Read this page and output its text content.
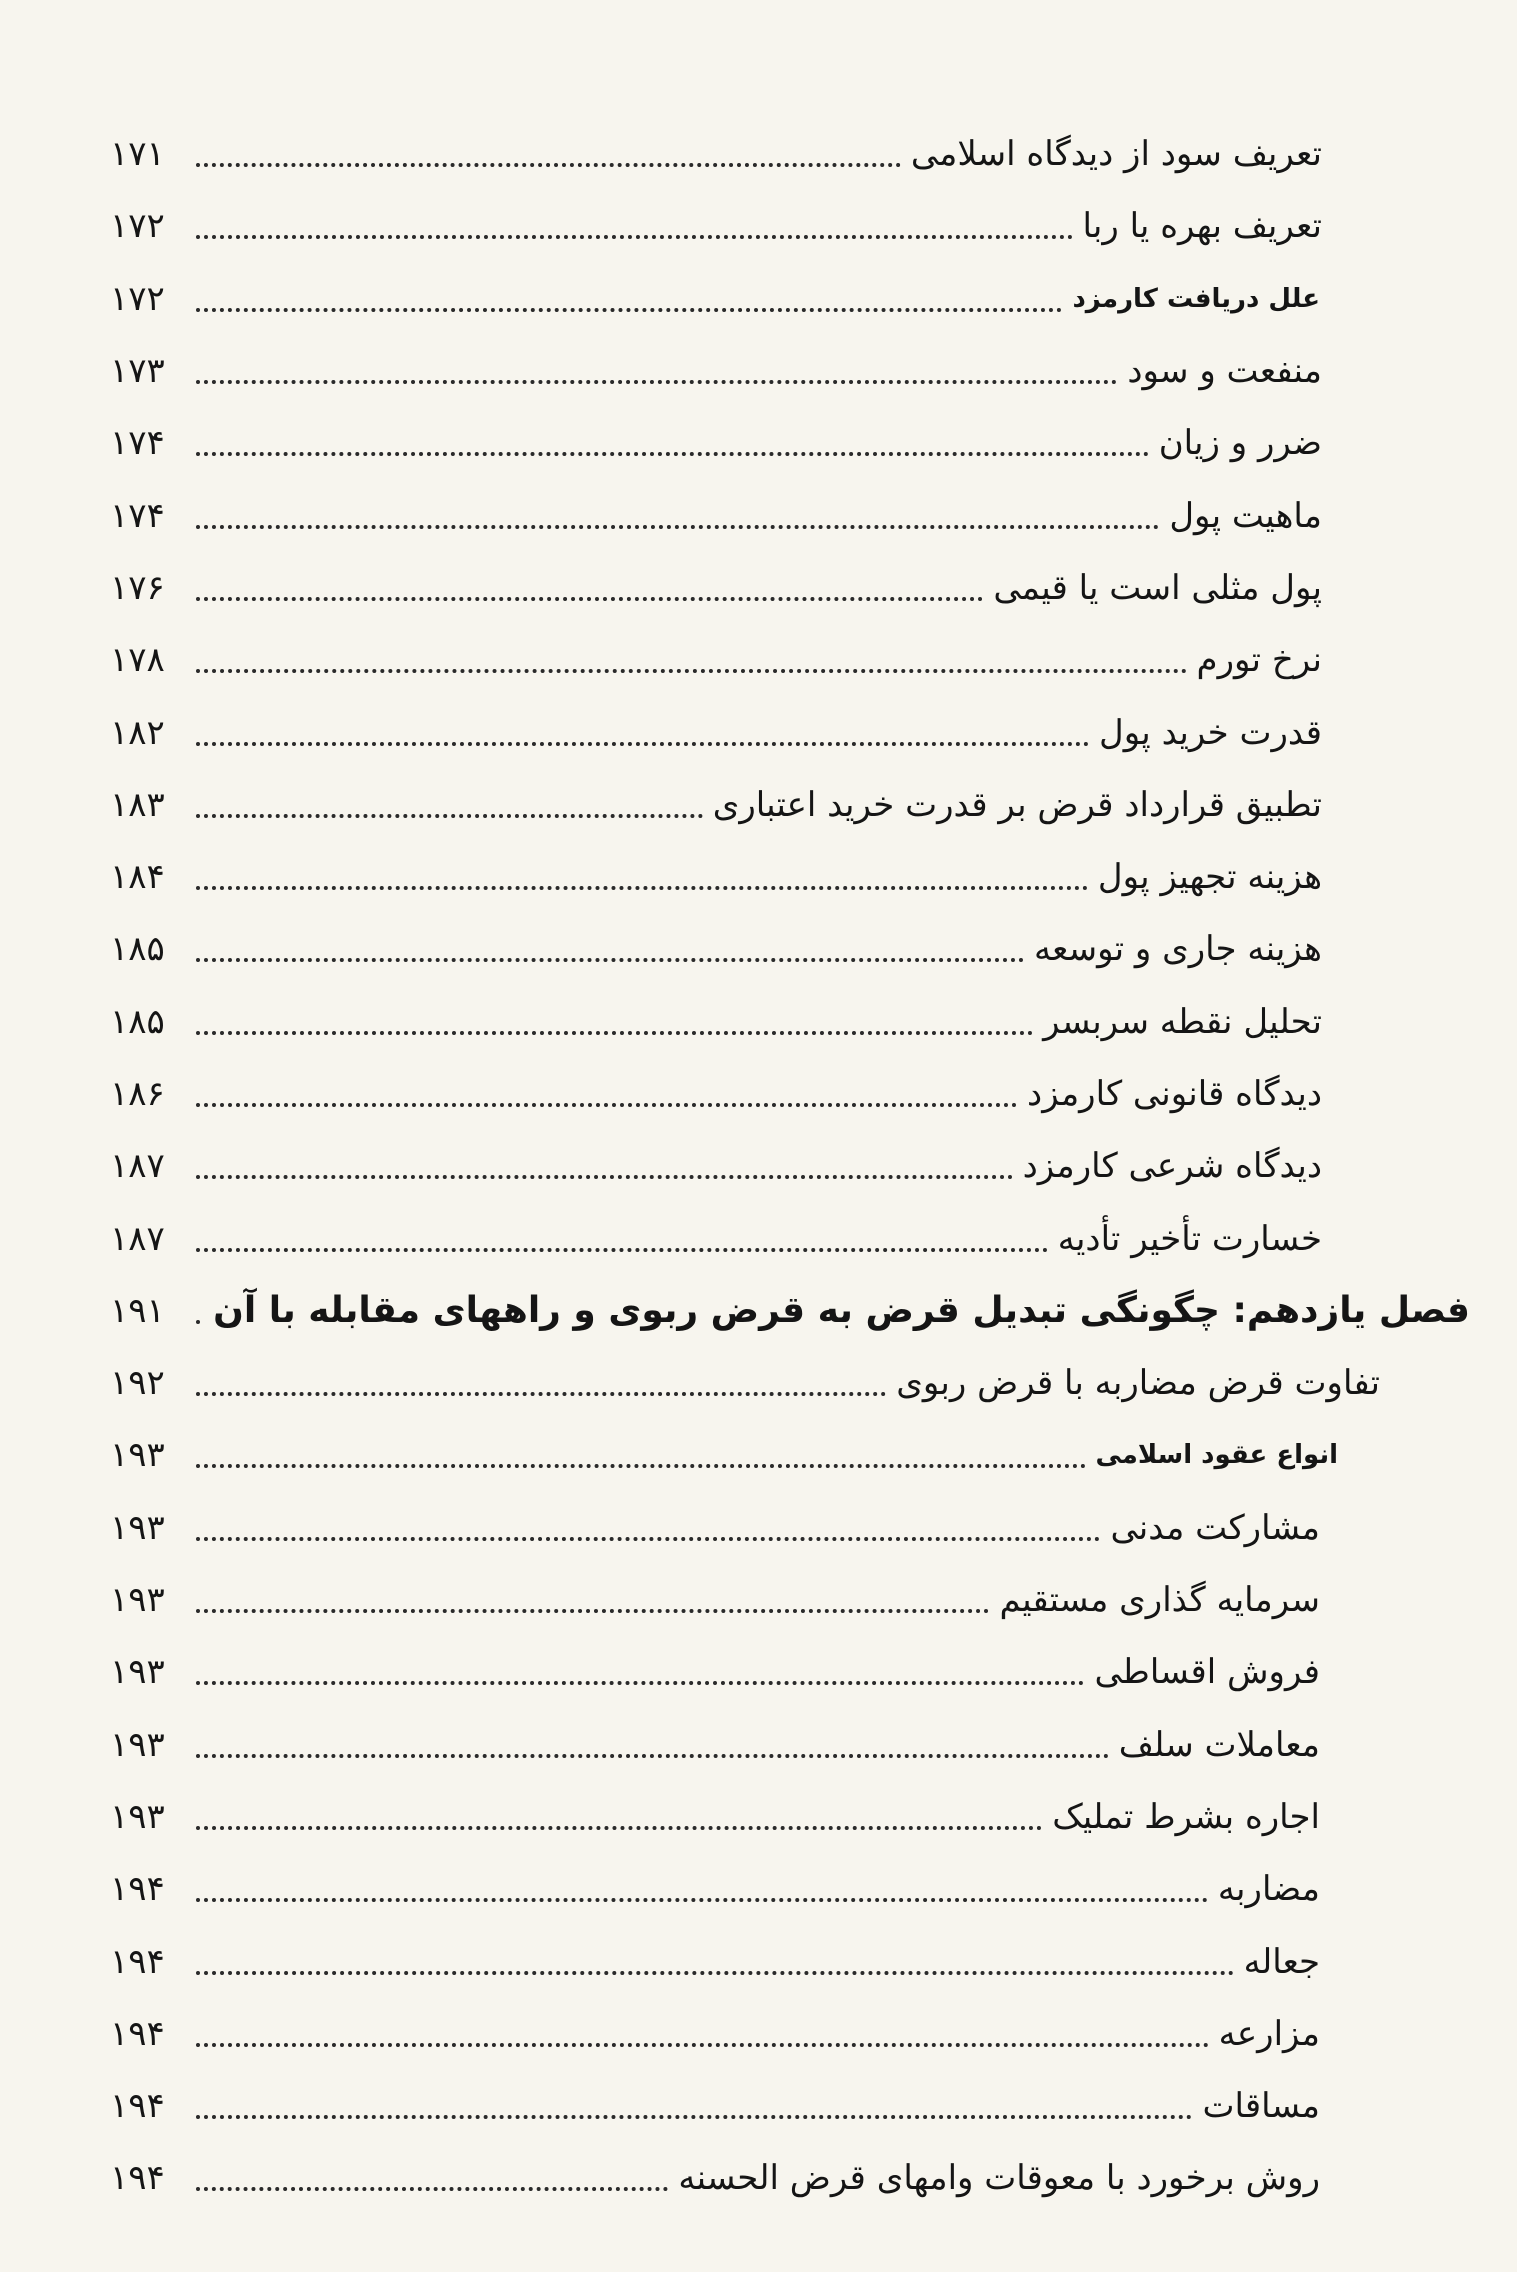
۱۷۱	تعریف سود از دیدگاه اسلامی
۱۷۲	تعریف بهره یا ربا
۱۷۲	علل دریافت کارمزد
۱۷۳	منفعت و سود
۱۷۴	ضرر و زیان
۱۷۴	ماهیت پول
۱۷۶	پول مثلی است یا قیمی
۱۷۸	نرخ تورم
۱۸۲	قدرت خرید پول
۱۸۳	تطبیق قرارداد قرض بر قدرت خرید اعتباری
۱۸۴	هزینه تجهیز پول
۱۸۵	هزینه جاری و توسعه
۱۸۵	تحلیل نقطه سربسر
۱۸۶	دیدگاه قانونی کارمزد
۱۸۷	دیدگاه شرعی کارمزد
۱۸۷	خسارت تأخیر تأدیه
۱۹۱	فصل یازدهم: چگونگی تبدیل قرض به قرض ربوی و راههای مقابله با آن
۱۹۲	تفاوت قرض مضاربه با قرض ربوی
۱۹۳	انواع عقود اسلامی
۱۹۳	مشارکت مدنی
۱۹۳	سرمایه گذاری مستقیم
۱۹۳	فروش اقساطی
۱۹۳	معاملات سلف
۱۹۳	اجاره بشرط تملیک
۱۹۴	مضاربه
۱۹۴	جعاله
۱۹۴	مزارعه
۱۹۴	مساقات
۱۹۴	روش برخورد با معوقات وامهای قرض الحسنه
